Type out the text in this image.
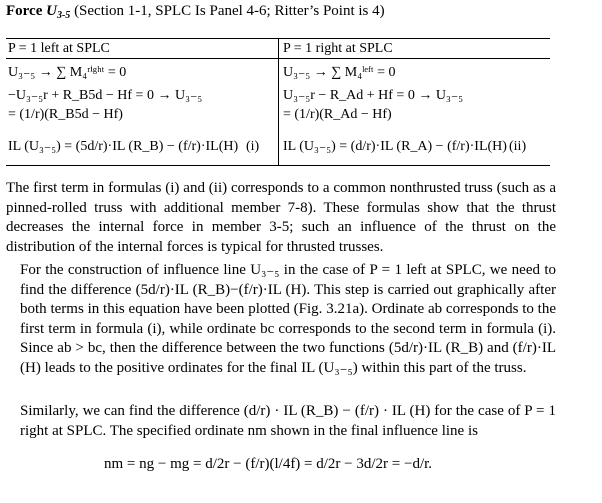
Force $U_{3-5}$ (Section 1-1, SPLC Is Panel 4-6; Ritter’s Point is 4)
P = 1 left at SPLC
U₃₋₅ → ∑ M₄ʳⁱᵍʰᵗ = 0
−U₃₋₅r + R_B5d − Hf = 0 → U₃₋₅
= (1/r)(R_B5d − Hf)
IL (U₃₋₅) = (5d/r)·IL (R_B) − (f/r)·IL(H) (i)
P = 1 right at SPLC
U₃₋₅ → ∑ M₄ˡᵉᶠᵗ = 0
U₃₋₅r − R_Ad + Hf = 0 → U₃₋₅
= (1/r)(R_Ad − Hf)
IL (U₃₋₅) = (d/r)·IL (R_A) − (f/r)·IL(H) (ii)
The first term in formulas (i) and (ii) corresponds to a common nonthrusted truss (such as a pinned-rolled truss with additional member 7-8). These formulas show that the thrust decreases the internal force in member 3-5; such an influence of the thrust on the distribution of the internal forces is typical for thrusted trusses.
For the construction of influence line U₃₋₅ in the case of P = 1 left at SPLC, we need to find the difference (5d/r)·IL (R_B)−(f/r)·IL (H). This step is carried out graphically after both terms in this equation have been plotted (Fig. 3.21a). Ordinate ab corresponds to the first term in formula (i), while ordinate bc corresponds to the second term in formula (i). Since ab > bc, then the difference between the two functions (5d/r)·IL (R_B) and (f/r)·IL (H) leads to the positive ordinates for the final IL (U₃₋₅) within this part of the truss.
Similarly, we can find the difference (d/r) · IL (R_B) − (f/r) · IL (H) for the case of P = 1 right at SPLC. The specified ordinate nm shown in the final influence line is
nm = ng − mg = d/2r − (f/r)(l/4f) = d/2r − 3d/2r = −d/r.
